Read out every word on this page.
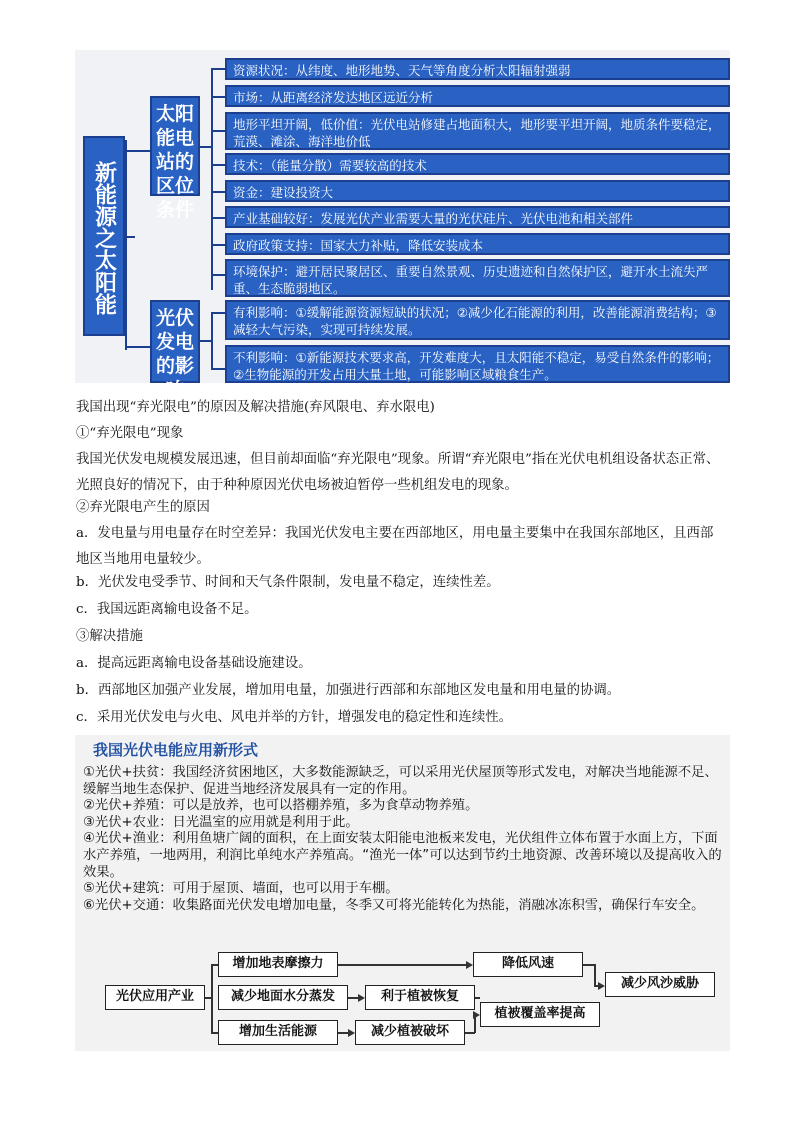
新能源之太阳能
太阳能电站的区位条件
光伏发电的影响
资源状况：从纬度、地形地势、天气等角度分析太阳辐射强弱
市场：从距离经济发达地区远近分析
地形平坦开阔，低价值：光伏电站修建占地面积大，地形要平坦开阔，地质条件要稳定，荒漠、滩涂、海洋地价低
技术：（能量分散）需要较高的技术
资金：建设投资大
产业基础较好：发展光伏产业需要大量的光伏硅片、光伏电池和相关部件
政府政策支持：国家大力补贴，降低安装成本
环境保护：避开居民聚居区、重要自然景观、历史遗迹和自然保护区，避开水土流失严重、生态脆弱地区。
有利影响：①缓解能源资源短缺的状况；②减少化石能源的利用，改善能源消费结构；③减轻大气污染，实现可持续发展。
不利影响：①新能源技术要求高，开发难度大，且太阳能不稳定，易受自然条件的影响；②生物能源的开发占用大量土地，可能影响区域粮食生产。
我国出现“弃光限电”的原因及解决措施(弃风限电、弃水限电)
①“弃光限电”现象
我国光伏发电规模发展迅速，但目前却面临“弃光限电”现象。所谓“弃光限电”指在光伏电机组设备状态正常、光照良好的情况下，由于种种原因光伏电场被迫暂停一些机组发电的现象。
②弃光限电产生的原因
a．发电量与用电量存在时空差异：我国光伏发电主要在西部地区，用电量主要集中在我国东部地区，且西部地区当地用电量较少。
b．光伏发电受季节、时间和天气条件限制，发电量不稳定，连续性差。
c．我国远距离输电设备不足。
③解决措施
a．提高远距离输电设备基础设施建设。
b．西部地区加强产业发展，增加用电量，加强进行西部和东部地区发电量和用电量的协调。
c．采用光伏发电与火电、风电并举的方针，增强发电的稳定性和连续性。
我国光伏电能应用新形式
①光伏+扶贫：我国经济贫困地区，大多数能源缺乏，可以采用光伏屋顶等形式发电，对解决当地能源不足、缓解当地生态保护、促进当地经济发展具有一定的作用。
②光伏+养殖：可以是放养，也可以搭棚养殖，多为食草动物养殖。
③光伏+农业：日光温室的应用就是利用于此。
④光伏+渔业：利用鱼塘广阔的面积，在上面安装太阳能电池板来发电，光伏组件立体布置于水面上方，下面水产养殖，一地两用，利润比单纯水产养殖高。“渔光一体”可以达到节约土地资源、改善环境以及提高收入的效果。
⑤光伏+建筑：可用于屋顶、墙面，也可以用于车棚。
⑥光伏+交通：收集路面光伏发电增加电量，冬季又可将光能转化为热能，消融冰冻积雪，确保行车安全。
光伏应用产业
增加地表摩擦力
减少地面水分蒸发
增加生活能源
利于植被恢复
减少植被破坏
降低风速
植被覆盖率提高
减少风沙威胁
